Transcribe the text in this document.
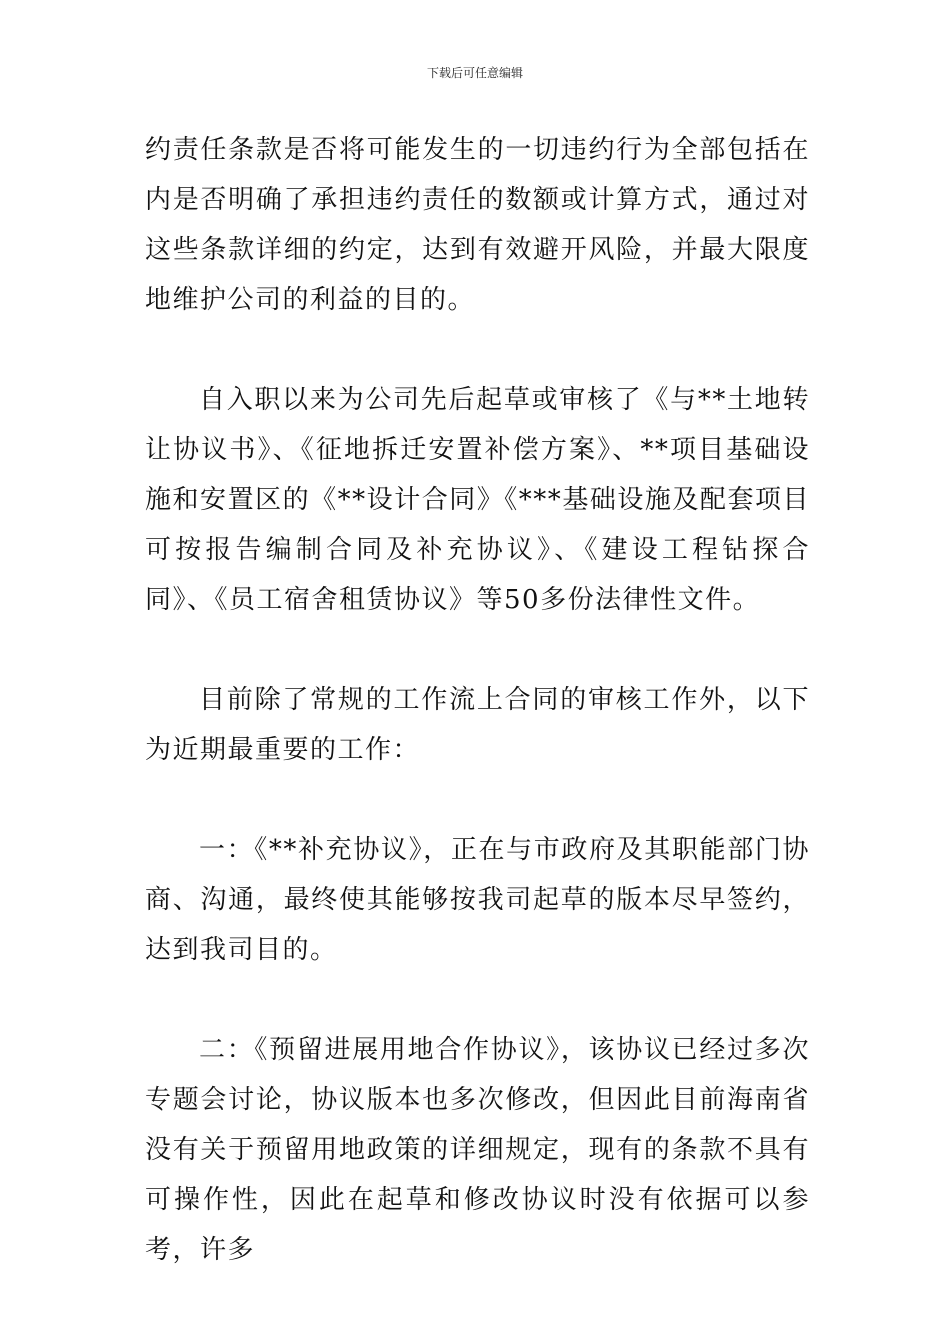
下载后可任意编辑

约责任条款是否将可能发生的一切违约行为全部包括在内是否明确了承担违约责任的数额或计算方式，通过对这些条款详细的约定，达到有效避开风险，并最大限度地维护公司的利益的目的。

自入职以来为公司先后起草或审核了《与**土地转让协议书》、《征地拆迁安置补偿方案》、**项目基础设施和安置区的《**设计合同》《***基础设施及配套项目可按报告编制合同及补充协议》、《建设工程钻探合同》、《员工宿舍租赁协议》等50多份法律性文件。

目前除了常规的工作流上合同的审核工作外，以下为近期最重要的工作：

一：《**补充协议》，正在与市政府及其职能部门协商、沟通，最终使其能够按我司起草的版本尽早签约，达到我司目的。

二：《预留进展用地合作协议》，该协议已经过多次专题会讨论，协议版本也多次修改，但因此目前海南省没有关于预留用地政策的详细规定，现有的条款不具有可操作性，因此在起草和修改协议时没有依据可以参考，许多
